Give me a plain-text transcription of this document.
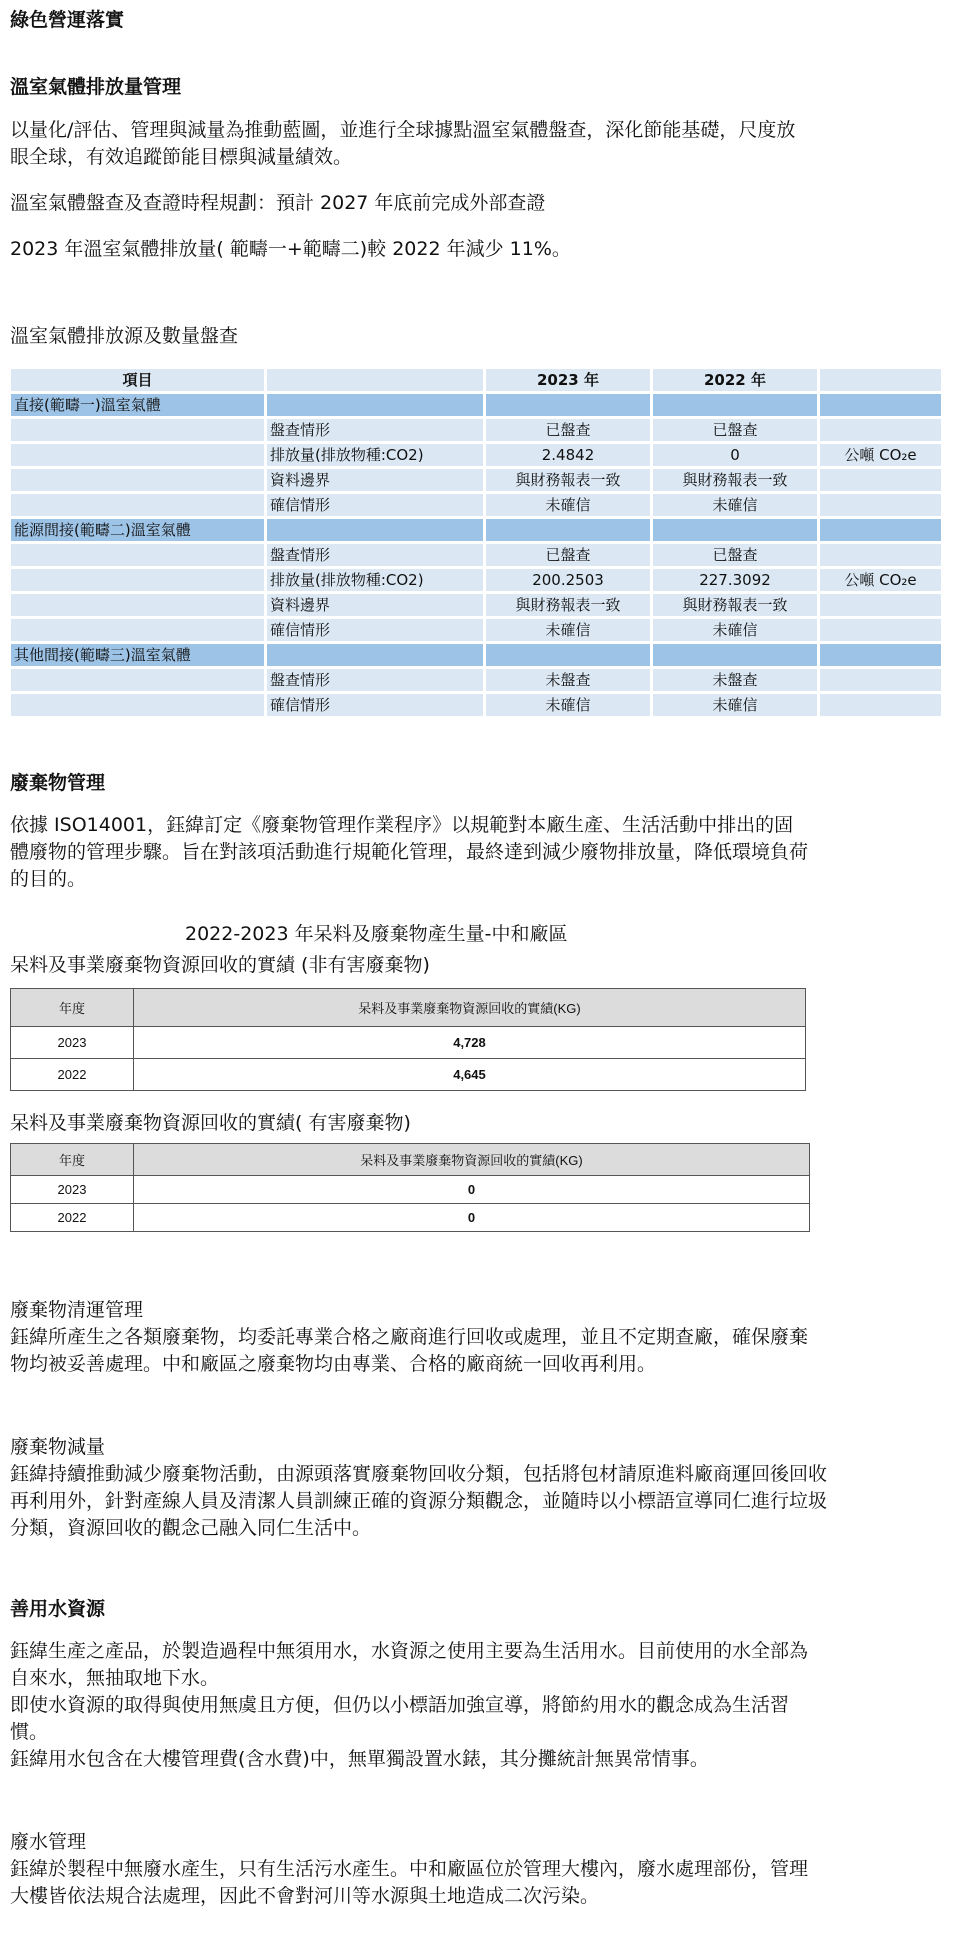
綠色營運落實
溫室氣體排放量管理
以量化/評估、管理與減量為推動藍圖，並進行全球據點溫室氣體盤查，深化節能基礎，尺度放眼全球，有效追蹤節能目標與減量績效。
溫室氣體盤查及查證時程規劃：預計 2027 年底前完成外部查證
2023 年溫室氣體排放量( 範疇一+範疇二)較 2022 年減少 11%。
溫室氣體排放源及數量盤查
項目		2023 年	2022 年	
直接(範疇一)溫室氣體				
	盤查情形	已盤查	已盤查	
	排放量(排放物種:CO2)	2.4842	0	公噸 CO₂e
	資料邊界	與財務報表一致	與財務報表一致	
	確信情形	未確信	未確信	
能源間接(範疇二)溫室氣體				
	盤查情形	已盤查	已盤查	
	排放量(排放物種:CO2)	200.2503	227.3092	公噸 CO₂e
	資料邊界	與財務報表一致	與財務報表一致	
	確信情形	未確信	未確信	
其他間接(範疇三)溫室氣體				
	盤查情形	未盤查	未盤查	
	確信情形	未確信	未確信	
廢棄物管理
依據 ISO14001，鈺緯訂定《廢棄物管理作業程序》以規範對本廠生產、生活活動中排出的固體廢物的管理步驟。旨在對該項活動進行規範化管理，最終達到減少廢物排放量，降低環境負荷的目的。
2022-2023 年呆料及廢棄物產生量-中和廠區
呆料及事業廢棄物資源回收的實績 (非有害廢棄物)
年度	呆料及事業廢棄物資源回收的實績(KG)
2023	4,728
2022	4,645
呆料及事業廢棄物資源回收的實績( 有害廢棄物)
年度	呆料及事業廢棄物資源回收的實績(KG)
2023	0
2022	0
廢棄物清運管理
鈺緯所產生之各類廢棄物，均委託專業合格之廠商進行回收或處理，並且不定期查廠，確保廢棄物均被妥善處理。中和廠區之廢棄物均由專業、合格的廠商統一回收再利用。
廢棄物減量
鈺緯持續推動減少廢棄物活動，由源頭落實廢棄物回收分類，包括將包材請原進料廠商運回後回收再利用外，針對產線人員及清潔人員訓練正確的資源分類觀念，並隨時以小標語宣導同仁進行垃圾分類，資源回收的觀念己融入同仁生活中。
善用水資源
鈺緯生產之產品，於製造過程中無須用水，水資源之使用主要為生活用水。目前使用的水全部為自來水，無抽取地下水。
即使水資源的取得與使用無虞且方便，但仍以小標語加強宣導，將節約用水的觀念成為生活習慣。
鈺緯用水包含在大樓管理費(含水費)中，無單獨設置水錶，其分攤統計無異常情事。
廢水管理
鈺緯於製程中無廢水產生，只有生活污水產生。中和廠區位於管理大樓內，廢水處理部份，管理大樓皆依法規合法處理，因此不會對河川等水源與土地造成二次污染。
